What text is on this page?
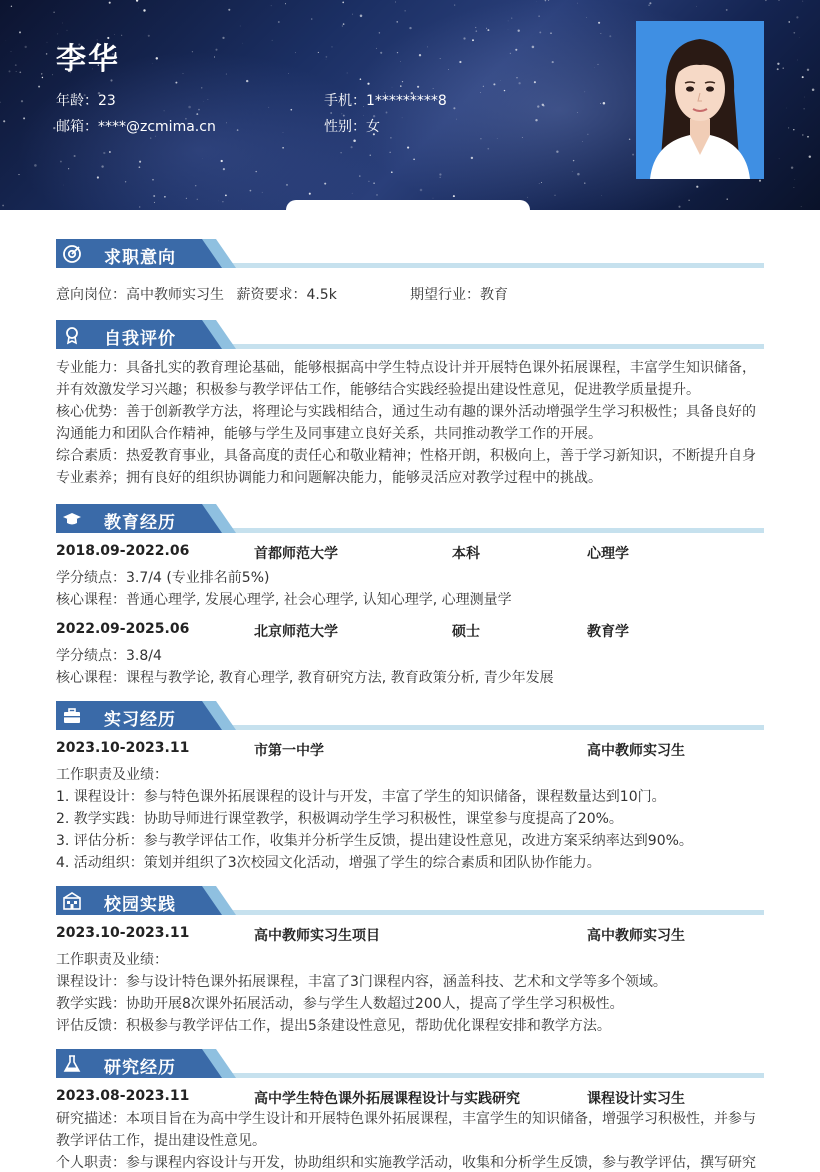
李华
年龄：23	手机：1*********8
邮箱：****@zcmima.cn	性别：女
求职意向
意向岗位：高中教师实习生 薪资要求：4.5k	期望行业：教育
自我评价
专业能力：具备扎实的教育理论基础，能够根据高中学生特点设计并开展特色课外拓展课程，丰富学生知识储备，并有效激发学习兴趣；积极参与教学评估工作，能够结合实践经验提出建设性意见，促进教学质量提升。
核心优势：善于创新教学方法，将理论与实践相结合，通过生动有趣的课外活动增强学生学习积极性；具备良好的沟通能力和团队合作精神，能够与学生及同事建立良好关系，共同推动教学工作的开展。
综合素质：热爱教育事业，具备高度的责任心和敬业精神；性格开朗，积极向上，善于学习新知识，不断提升自身专业素养；拥有良好的组织协调能力和问题解决能力，能够灵活应对教学过程中的挑战。
教育经历
2018.09-2022.06	首都师范大学	本科	心理学
学分绩点：3.7/4 (专业排名前5%)
核心课程：普通心理学, 发展心理学, 社会心理学, 认知心理学, 心理测量学
2022.09-2025.06	北京师范大学	硕士	教育学
学分绩点：3.8/4
核心课程：课程与教学论, 教育心理学, 教育研究方法, 教育政策分析, 青少年发展
实习经历
2023.10-2023.11	市第一中学	高中教师实习生
工作职责及业绩：
1. 课程设计：参与特色课外拓展课程的设计与开发，丰富了学生的知识储备，课程数量达到10门。
2. 教学实践：协助导师进行课堂教学，积极调动学生学习积极性，课堂参与度提高了20%。
3. 评估分析：参与教学评估工作，收集并分析学生反馈，提出建设性意见，改进方案采纳率达到90%。
4. 活动组织：策划并组织了3次校园文化活动，增强了学生的综合素质和团队协作能力。
校园实践
2023.10-2023.11	高中教师实习生项目	高中教师实习生
工作职责及业绩：
课程设计：参与设计特色课外拓展课程，丰富了3门课程内容，涵盖科技、艺术和文学等多个领域。
教学实践：协助开展8次课外拓展活动，参与学生人数超过200人，提高了学生学习积极性。
评估反馈：积极参与教学评估工作，提出5条建设性意见，帮助优化课程安排和教学方法。
研究经历
2023.08-2023.11	高中学生特色课外拓展课程设计与实践研究	课程设计实习生
研究描述：本项目旨在为高中学生设计和开展特色课外拓展课程，丰富学生的知识储备，增强学习积极性，并参与教学评估工作，提出建设性意见。
个人职责：参与课程内容设计与开发，协助组织和实施教学活动，收集和分析学生反馈，参与教学评估，撰写研究
